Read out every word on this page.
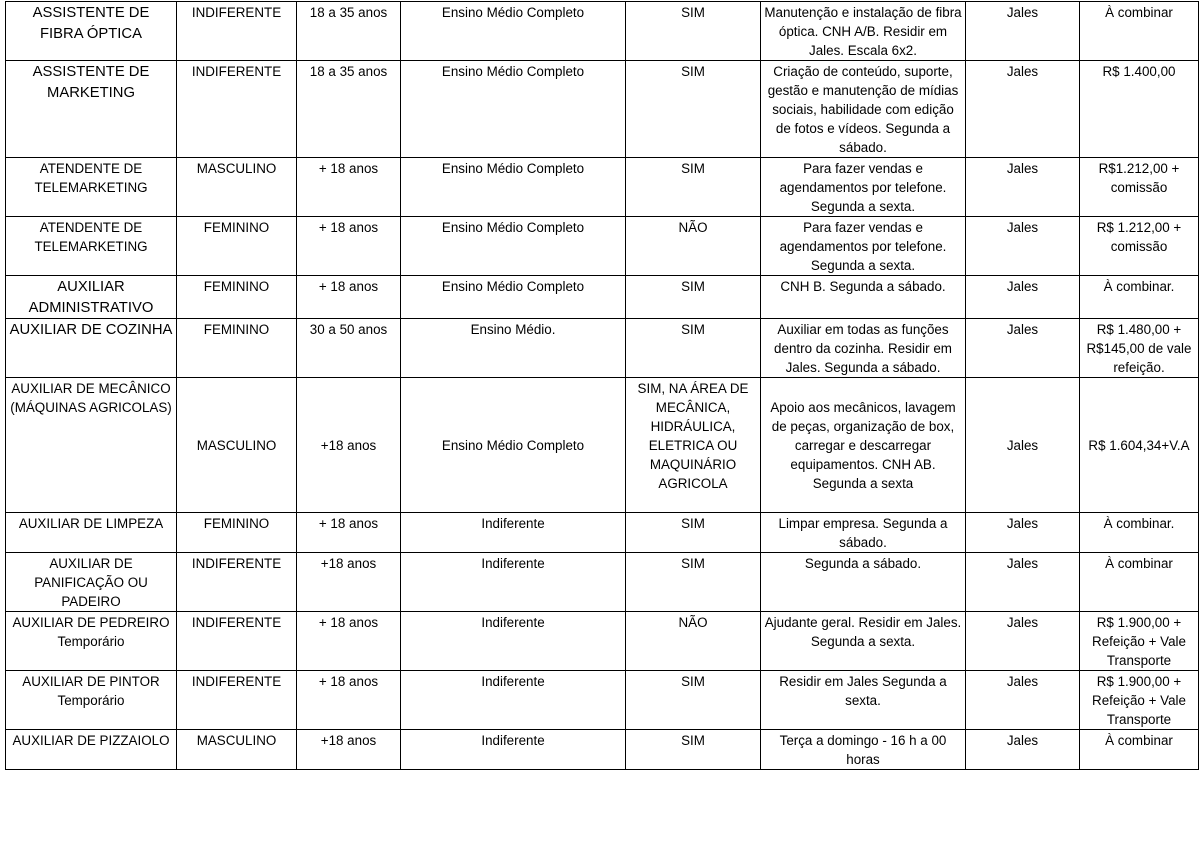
ASSISTENTE DE FIBRA ÓPTICA	INDIFERENTE	18 a 35 anos	Ensino Médio Completo	SIM	Manutenção e instalação de fibra óptica. CNH A/B. Residir em Jales. Escala 6x2.	Jales	À combinar
ASSISTENTE DE MARKETING	INDIFERENTE	18 a 35 anos	Ensino Médio Completo	SIM	Criação de conteúdo, suporte, gestão e manutenção de mídias sociais, habilidade com edição de fotos e vídeos. Segunda a sábado.	Jales	R$ 1.400,00
ATENDENTE DE TELEMARKETING	MASCULINO	+ 18 anos	Ensino Médio Completo	SIM	Para fazer vendas e agendamentos por telefone. Segunda a sexta.	Jales	R$1.212,00 + comissão
ATENDENTE DE TELEMARKETING	FEMININO	+ 18 anos	Ensino Médio Completo	NÃO	Para fazer vendas e agendamentos por telefone. Segunda a sexta.	Jales	R$ 1.212,00 + comissão
AUXILIAR ADMINISTRATIVO	FEMININO	+ 18 anos	Ensino Médio Completo	SIM	CNH B. Segunda a sábado.	Jales	À combinar.
AUXILIAR DE COZINHA	FEMININO	30 a 50 anos	Ensino Médio.	SIM	Auxiliar em todas as funções dentro da cozinha. Residir em Jales. Segunda a sábado.	Jales	R$ 1.480,00 + R$145,00 de vale refeição.
AUXILIAR DE MECÂNICO (MÁQUINAS AGRICOLAS)	MASCULINO	+18 anos	Ensino Médio Completo	SIM, NA ÁREA DE MECÂNICA, HIDRÁULICA, ELETRICA OU MAQUINÁRIO AGRICOLA	Apoio aos mecânicos, lavagem de peças, organização de box, carregar e descarregar equipamentos. CNH AB. Segunda a sexta	Jales	R$ 1.604,34+V.A
AUXILIAR DE LIMPEZA	FEMININO	+ 18 anos	Indiferente	SIM	Limpar empresa. Segunda a sábado.	Jales	À combinar.
AUXILIAR DE PANIFICAÇÃO OU PADEIRO	INDIFERENTE	+18 anos	Indiferente	SIM	Segunda a sábado.	Jales	À combinar
AUXILIAR DE PEDREIRO Temporário	INDIFERENTE	+ 18 anos	Indiferente	NÃO	Ajudante geral. Residir em Jales. Segunda a sexta.	Jales	R$ 1.900,00 + Refeição + Vale Transporte
AUXILIAR DE PINTOR Temporário	INDIFERENTE	+ 18 anos	Indiferente	SIM	Residir em Jales Segunda a sexta.	Jales	R$ 1.900,00 + Refeição + Vale Transporte
AUXILIAR DE PIZZAIOLO	MASCULINO	+18 anos	Indiferente	SIM	Terça a domingo - 16 h a 00 horas	Jales	À combinar
